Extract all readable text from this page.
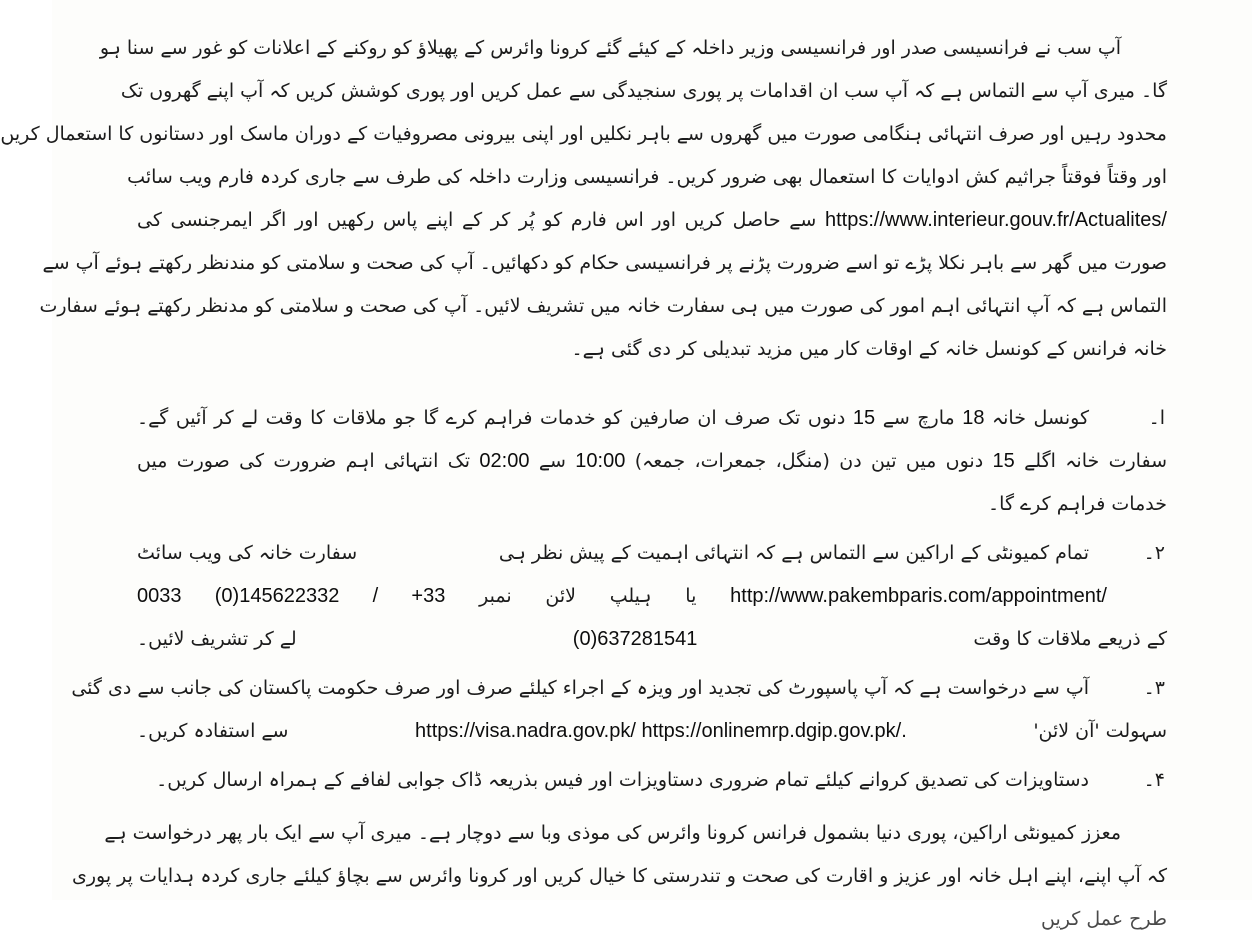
آپ سب نے فرانسیسی صدر اور فرانسیسی وزیر داخلہ کے کیئے گئے کرونا وائرس کے پھیلاؤ کو روکنے کے اعلانات کو غور سے سنا ہو
گا۔ میری آپ سے التماس ہے کہ آپ سب ان اقدامات پر پوری سنجیدگی سے عمل کریں اور پوری کوشش کریں کہ آپ اپنے گھروں تک
محدود رہیں اور صرف انتہائی ہنگامی صورت میں گھروں سے باہر نکلیں اور اپنی بیرونی مصروفیات کے دوران ماسک اور دستانوں کا استعمال کریں
اور وقتاً فوقتاً جراثیم کش ادوایات کا استعمال بھی ضرور کریں۔ فرانسیسی وزارت داخلہ کی طرف سے جاری کردہ فارم ویب سائب
https://www.interieur.gouv.fr/Actualites/ سے حاصل کریں اور اس فارم کو پُر کر کے اپنے پاس رکھیں اور اگر ایمرجنسی کی
صورت میں گھر سے باہر نکلا پڑے تو اسے ضرورت پڑنے پر فرانسیسی حکام کو دکھائیں۔ آپ کی صحت و سلامتی کو مندنظر رکھتے ہوئے آپ سے
التماس ہے کہ آپ انتہائی اہم امور کی صورت میں ہی سفارت خانہ میں تشریف لائیں۔ آپ کی صحت و سلامتی کو مدنظر رکھتے ہوئے سفارت
خانہ فرانس کے کونسل خانہ کے اوقات کار میں مزید تبدیلی کر دی گئی ہے۔
ا۔
کونسل خانہ 18 مارچ سے 15 دنوں تک صرف ان صارفین کو خدمات فراہم کرے گا جو ملاقات کا وقت لے کر آئیں گے۔
سفارت خانہ اگلے 15 دنوں میں تین دن (منگل، جمعرات، جمعہ) 10:00 سے 02:00 تک انتہائی اہم ضرورت کی صورت میں
خدمات فراہم کرے گا۔
۲۔
تمام کمیونٹی کے اراکین سے التماس ہے کہ انتہائی اہمیت کے پیش نظر ہی
سفارت خانہ کی ویب سائٹ
http://www.pakembparis.com/appointment/ یا ہیلپ لائن نمبر 0033 (0)145622332 / +33
کے ذریعے ملاقات کا وقت
(0)637281541
لے کر تشریف لائیں۔
۳۔
آپ سے درخواست ہے کہ آپ پاسپورٹ کی تجدید اور ویزہ کے اجراء کیلئے صرف اور صرف حکومت پاکستان کی جانب سے دی گئی
سہولت 'آن لائن'
https://visa.nadra.gov.pk/ https://onlinemrp.dgip.gov.pk/.
سے استفادہ کریں۔
۴۔
دستاویزات کی تصدیق کروانے کیلئے تمام ضروری دستاویزات اور فیس بذریعہ ڈاک جوابی لفافے کے ہمراہ ارسال کریں۔
معزز کمیونٹی اراکین، پوری دنیا بشمول فرانس کرونا وائرس کی موذی وبا سے دوچار ہے۔ میری آپ سے ایک بار پھر درخواست ہے
کہ آپ اپنے، اپنے اہل خانہ اور عزیز و اقارت کی صحت و تندرستی کا خیال کریں اور کرونا وائرس سے بچاؤ کیلئے جاری کردہ ہدایات پر پوری
طرح عمل کریں
